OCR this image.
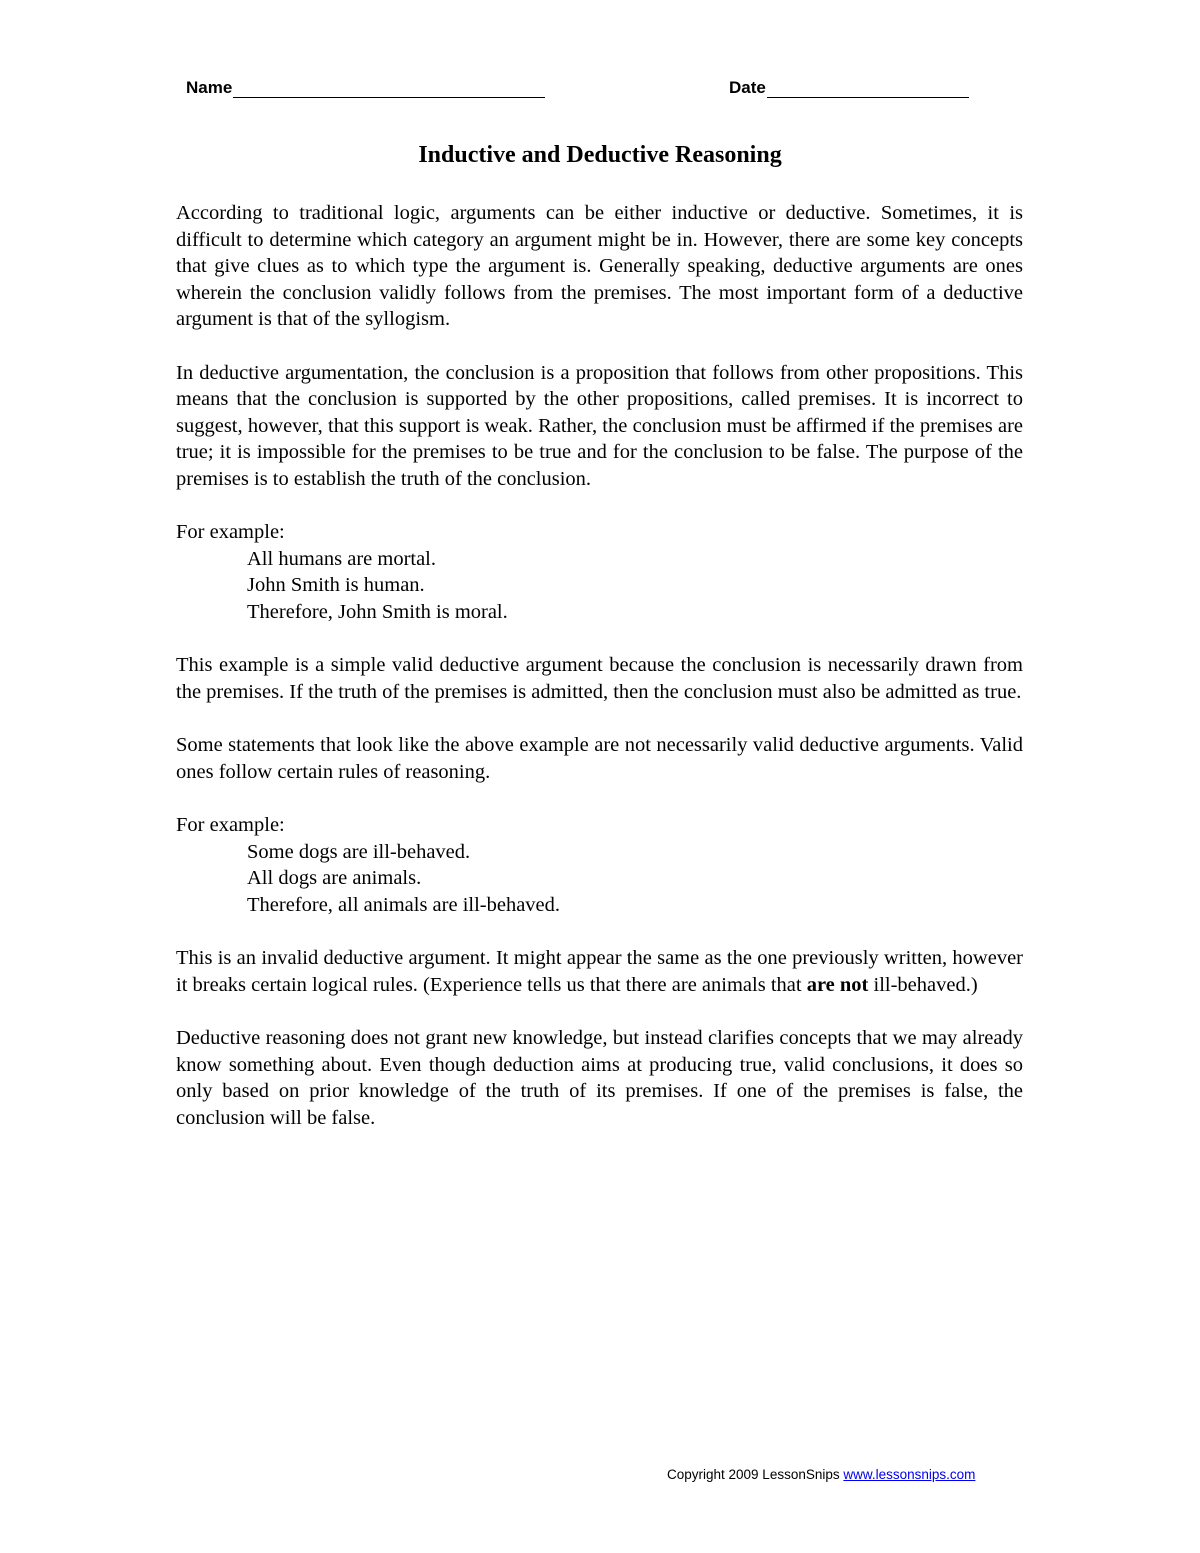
Name	Date
Inductive and Deductive Reasoning

According to traditional logic, arguments can be either inductive or deductive. Sometimes, it is difficult to determine which category an argument might be in. However, there are some key concepts that give clues as to which type the argument is. Generally speaking, deductive arguments are ones wherein the conclusion validly follows from the premises. The most important form of a deductive argument is that of the syllogism.

In deductive argumentation, the conclusion is a proposition that follows from other propositions. This means that the conclusion is supported by the other propositions, called premises. It is incorrect to suggest, however, that this support is weak. Rather, the conclusion must be affirmed if the premises are true; it is impossible for the premises to be true and for the conclusion to be false. The purpose of the premises is to establish the truth of the conclusion.

For example:

All humans are mortal.
John Smith is human.
Therefore, John Smith is moral.

This example is a simple valid deductive argument because the conclusion is necessarily drawn from the premises. If the truth of the premises is admitted, then the conclusion must also be admitted as true.

Some statements that look like the above example are not necessarily valid deductive arguments. Valid ones follow certain rules of reasoning.

For example:

Some dogs are ill-behaved.
All dogs are animals.
Therefore, all animals are ill-behaved.

This is an invalid deductive argument. It might appear the same as the one previously written, however it breaks certain logical rules. (Experience tells us that there are animals that are not ill-behaved.)

Deductive reasoning does not grant new knowledge, but instead clarifies concepts that we may already know something about. Even though deduction aims at producing true, valid conclusions, it does so only based on prior knowledge of the truth of its premises. If one of the premises is false, the conclusion will be false.

Copyright 2009 LessonSnips www.lessonsnips.com
